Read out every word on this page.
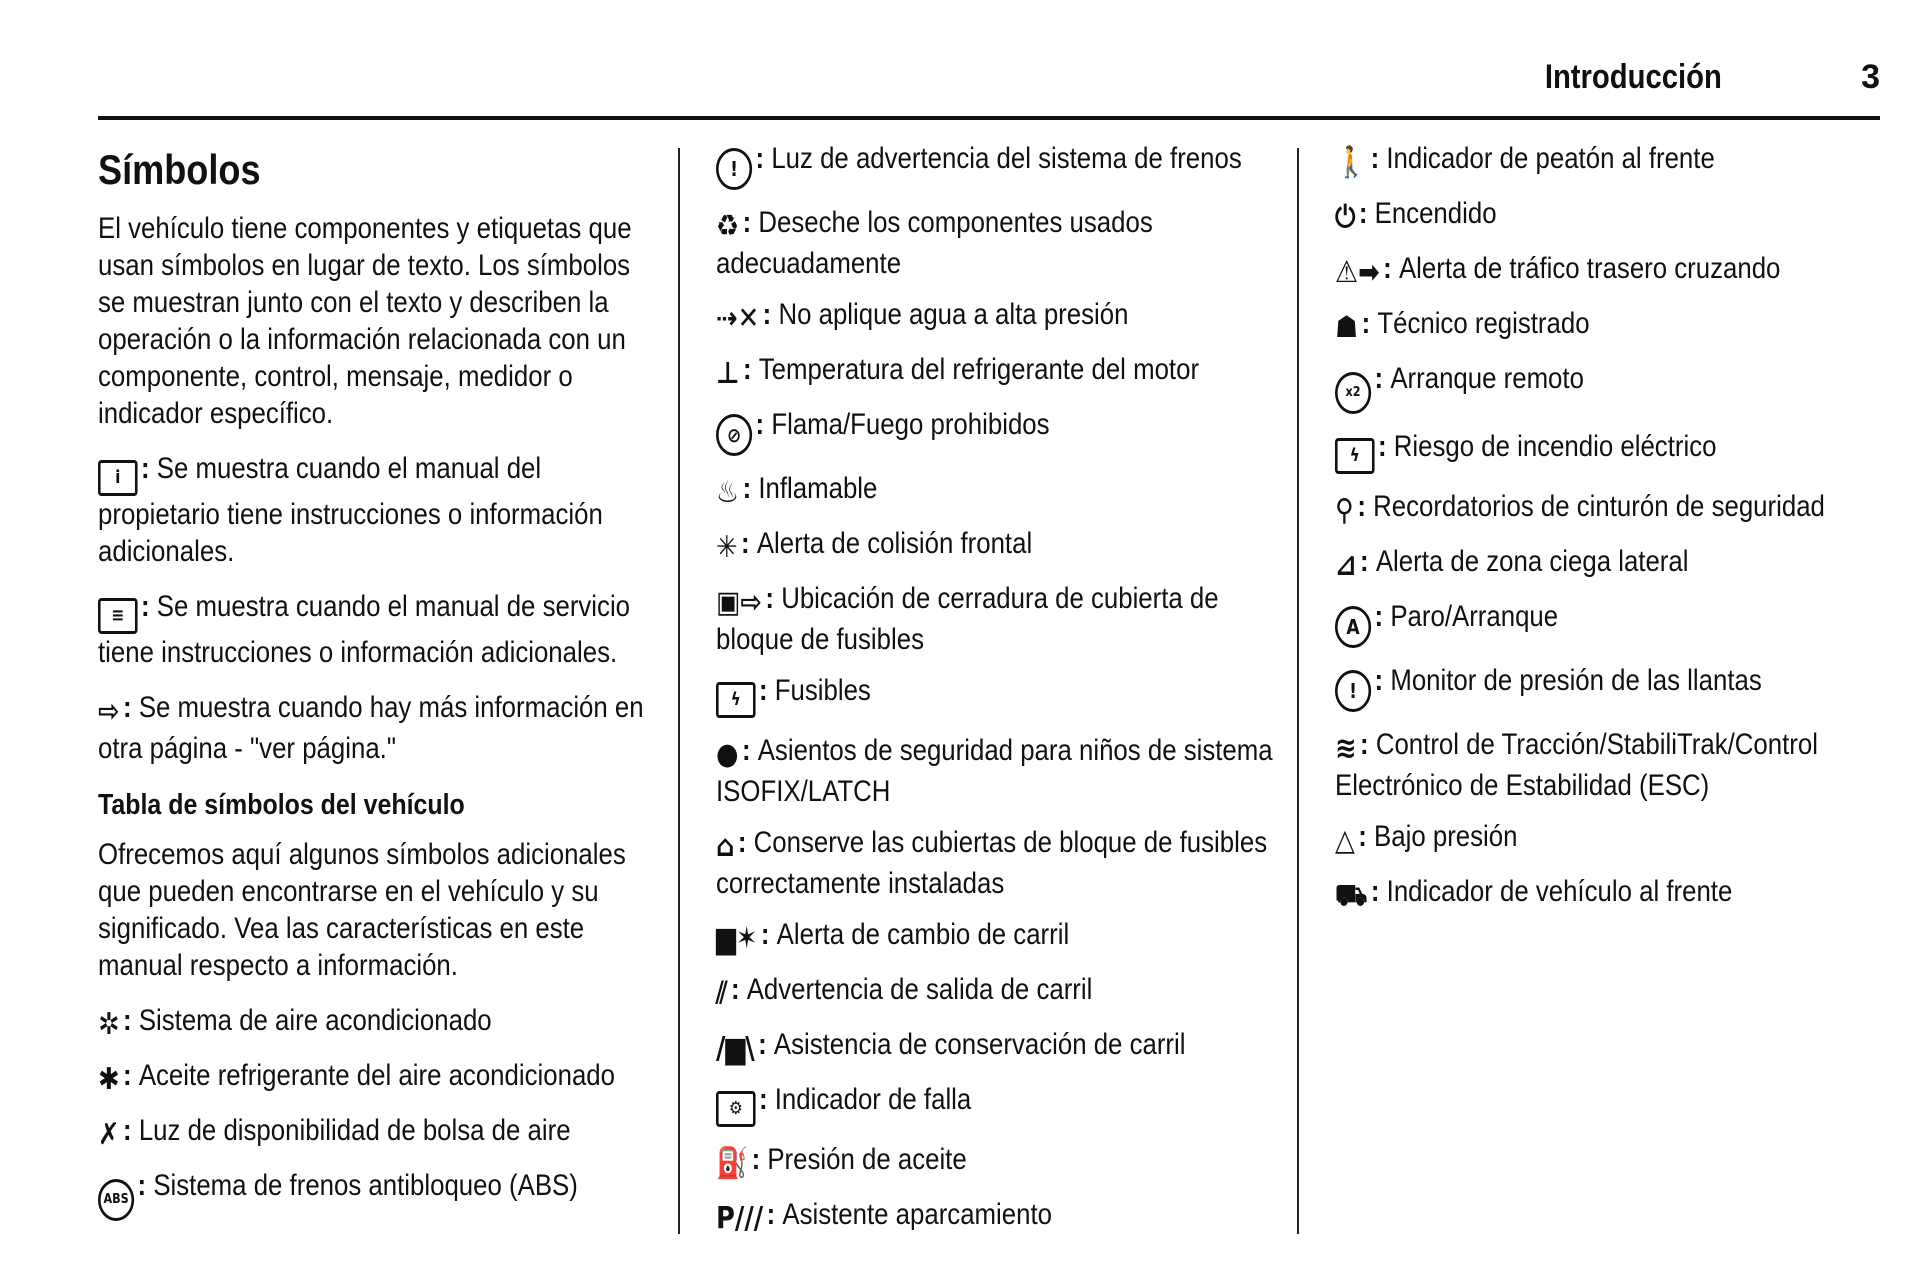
Introducción	3
Símbolos
El vehículo tiene componentes y etiquetas que usan símbolos en lugar de texto. Los símbolos se muestran junto con el texto y describen la operación o la información relacionada con un componente, control, mensaje, medidor o indicador específico.
i : Se muestra cuando el manual del propietario tiene instrucciones o información adicionales.
≡ : Se muestra cuando el manual de servicio tiene instrucciones o información adicionales.
⇨ : Se muestra cuando hay más información en otra página - "ver página."
Tabla de símbolos del vehículo
Ofrecemos aquí algunos símbolos adicionales que pueden encontrarse en el vehículo y su significado. Vea las características en este manual respecto a información.
✲ : Sistema de aire acondicionado
✱ : Aceite refrigerante del aire acondicionado
✗ : Luz de disponibilidad de bolsa de aire
ABS : Sistema de frenos antibloqueo (ABS)
! : Luz de advertencia del sistema de frenos
♻ : Deseche los componentes usados adecuadamente
⇢✕ : No aplique agua a alta presión
⊥ : Temperatura del refrigerante del motor
⊘ : Flama/Fuego prohibidos
♨ : Inflamable
✳ : Alerta de colisión frontal
▣⇨ : Ubicación de cerradura de cubierta de bloque de fusibles
ϟ : Fusibles
● : Asientos de seguridad para niños de sistema ISOFIX/LATCH
⌂ : Conserve las cubiertas de bloque de fusibles correctamente instaladas
▆✶ : Alerta de cambio de carril
⫽ : Advertencia de salida de carril
/▆\ : Asistencia de conservación de carril
⚙ : Indicador de falla
⛽ : Presión de aceite
P/// : Asistente aparcamiento
🚶 : Indicador de peatón al frente
⏻ : Encendido
⚠➡ : Alerta de tráfico trasero cruzando
☗ : Técnico registrado
x2 : Arranque remoto
ϟ : Riesgo de incendio eléctrico
⚲ : Recordatorios de cinturón de seguridad
⊿ : Alerta de zona ciega lateral
A : Paro/Arranque
! : Monitor de presión de las llantas
≋ : Control de Tracción/StabiliTrak/Control Electrónico de Estabilidad (ESC)
△ : Bajo presión
⛟ : Indicador de vehículo al frente
